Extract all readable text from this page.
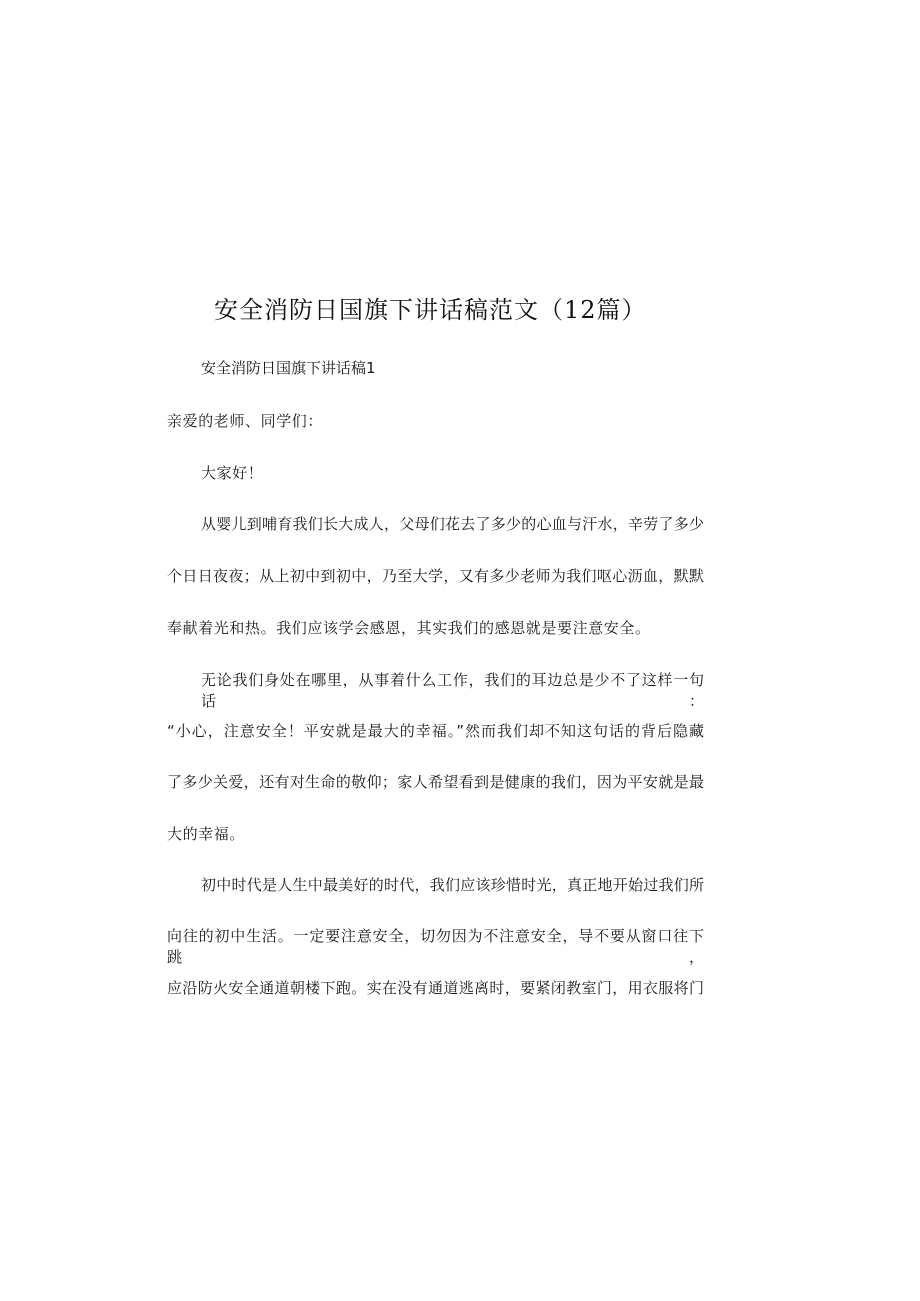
安全消防日国旗下讲话稿范文（12篇）
安全消防日国旗下讲话稿1
亲爱的老师、同学们：
大家好！
从婴儿到哺育我们长大成人，父母们花去了多少的心血与汗水，辛劳了多少
个日日夜夜；从上初中到初中，乃至大学，又有多少老师为我们呕心沥血，默默
奉献着光和热。我们应该学会感恩，其实我们的感恩就是要注意安全。
无论我们身处在哪里，从事着什么工作，我们的耳边总是少不了这样一句话：
“小心，注意安全！平安就是最大的幸福。”然而我们却不知这句话的背后隐藏
了多少关爱，还有对生命的敬仰；家人希望看到是健康的我们，因为平安就是最
大的幸福。
初中时代是人生中最美好的时代，我们应该珍惜时光，真正地开始过我们所
向往的初中生活。一定要注意安全，切勿因为不注意安全，导不要从窗口往下跳，
应沿防火安全通道朝楼下跑。实在没有通道逃离时，要紧闭教室门，用衣服将门
